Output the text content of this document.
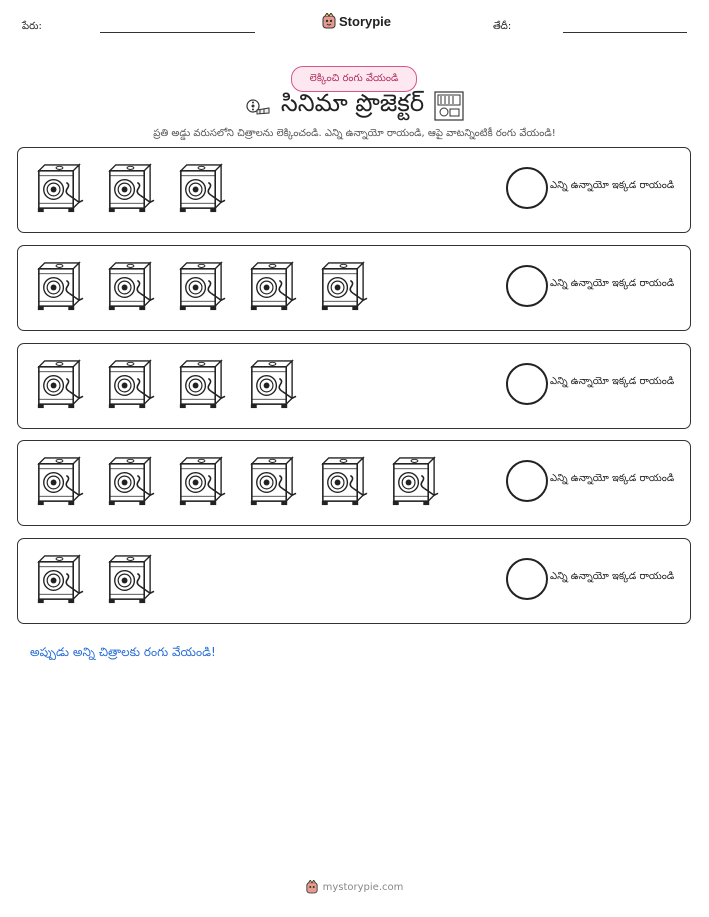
పేరు:	Storypie	తేదీ:
లెక్కించి రంగు వేయండి
సినిమా ప్రొజెక్టర్
ప్రతి అడ్డు వరుసలోని చిత్రాలను లెక్కించండి. ఎన్ని ఉన్నాయో రాయండి, ఆపై వాటన్నింటికీ రంగు వేయండి!
ఎన్ని ఉన్నాయో ఇక్కడ రాయండి
ఎన్ని ఉన్నాయో ఇక్కడ రాయండి
ఎన్ని ఉన్నాయో ఇక్కడ రాయండి
ఎన్ని ఉన్నాయో ఇక్కడ రాయండి
ఎన్ని ఉన్నాయో ఇక్కడ రాయండి
అప్పుడు అన్ని చిత్రాలకు రంగు వేయండి!
mystorypie.com
